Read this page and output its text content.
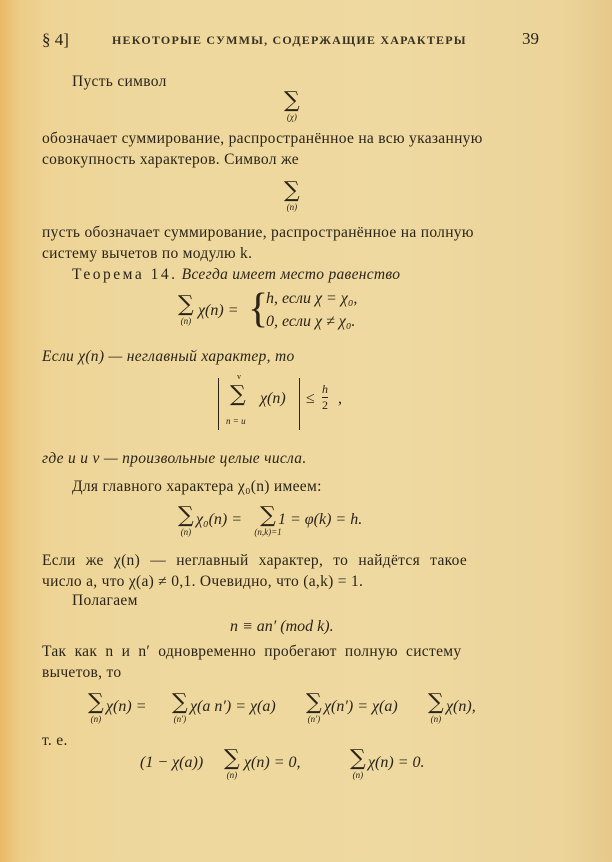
§ 4]	НЕКОТОРЫЕ СУММЫ, СОДЕРЖАЩИЕ ХАРАКТЕРЫ	39
Пусть символ
∑
(χ)
обозначает суммирование, распространённое на всю указанную
совокупность характеров. Символ же
∑
(n)
пусть обозначает суммирование, распространённое на полную
систему вычетов по модулю k.
Теорема 14. Всегда имеет место равенство
∑
(n)
χ(n) = {
h, если χ = χ₀,
0, если χ ≠ χ₀.
Если χ(n) — неглавный характер, то
v
∑
n = u
$\chi(n) \le \frac{h}{2}$ ,
где u и v — произвольные целые числа.
Для главного характера χ₀(n) имеем:
∑
(n)
χ₀(n) = ∑
(n,k)=1
1 = φ(k) = h.
Если же χ(n) — неглавный характер, то найдётся такое
число a, что χ(a) ≠ 0,1. Очевидно, что (a,k) = 1.
Полагаем
n ≡ an′ (mod k).
Так как n и n′ одновременно пробегают полную систему
вычетов, то
∑
(n)
χ(n) = ∑
(n′)
χ(a n′) = χ(a) ∑
(n′)
χ(n′) = χ(a) ∑
(n)
χ(n),
т. е.
(1 − χ(a)) ∑
(n)
χ(n) = 0, ∑
(n)
χ(n) = 0.
